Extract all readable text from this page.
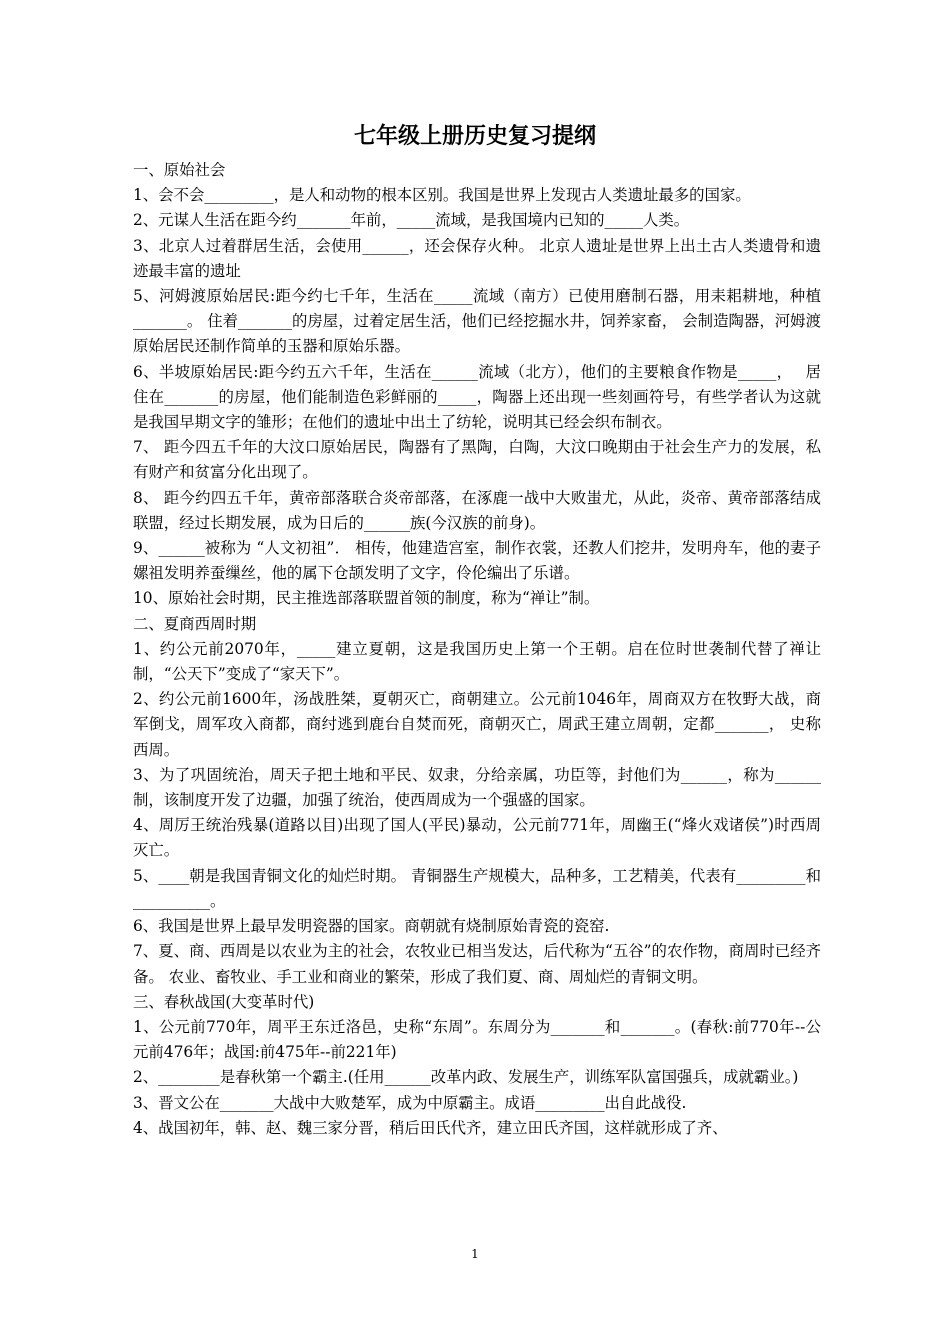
七年级上册历史复习提纲
一、原始社会
1、会不会_________，是人和动物的根本区别。我国是世界上发现古人类遗址最多的国家。
2、元谋人生活在距今约_______年前，_____流域，是我国境内已知的_____人类。
3、北京人过着群居生活，会使用______，还会保存火种。 北京人遗址是世界上出土古人类遗骨和遗迹最丰富的遗址
5、河姆渡原始居民:距今约七千年，生活在_____流域（南方）已使用磨制石器，用耒耜耕地，种植_______。 住着_______的房屋，过着定居生活，他们已经挖掘水井，饲养家畜， 会制造陶器，河姆渡原始居民还制作简单的玉器和原始乐器。
6、半坡原始居民:距今约五六千年，生活在______流域（北方），他们的主要粮食作物是_____，　 居住在_______的房屋，他们能制造色彩鲜丽的_____，陶器上还出现一些刻画符号，有些学者认为这就是我国早期文字的雏形；在他们的遗址中出土了纺轮，说明其已经会织布制衣。
7、 距今四五千年的大汶口原始居民，陶器有了黑陶，白陶，大汶口晚期由于社会生产力的发展，私有财产和贫富分化出现了。
8、 距今约四五千年，黄帝部落联合炎帝部落，在涿鹿一战中大败蚩尤，从此，炎帝、黄帝部落结成联盟，经过长期发展，成为日后的______族(今汉族的前身)。
9、______被称为 “人文初祖”． 相传，他建造宫室，制作衣裳，还教人们挖井，发明舟车，他的妻子嫘祖发明养蚕缫丝，他的属下仓颉发明了文字，伶伦编出了乐谱。
10、原始社会时期，民主推选部落联盟首领的制度，称为“禅让”制。
二、夏商西周时期
1、约公元前2070年，_____建立夏朝，这是我国历史上第一个王朝。启在位时世袭制代替了禅让制，“公天下”变成了“家天下”。
2、约公元前1600年，汤战胜桀，夏朝灭亡，商朝建立。公元前1046年，周商双方在牧野大战，商军倒戈，周军攻入商都，商纣逃到鹿台自焚而死，商朝灭亡，周武王建立周朝，定都_______， 史称西周。
3、为了巩固统治，周天子把土地和平民、奴隶，分给亲属，功臣等，封他们为______，称为______制，该制度开发了边疆，加强了统治，使西周成为一个强盛的国家。
4、周厉王统治残暴(道路以目)出现了国人(平民)暴动，公元前771年，周幽王(“烽火戏诸侯”)时西周灭亡。
5、____朝是我国青铜文化的灿烂时期。 青铜器生产规模大，品种多，工艺精美，代表有_________和__________。
6、我国是世界上最早发明瓷器的国家。商朝就有烧制原始青瓷的瓷窑.
7、夏、商、西周是以农业为主的社会，农牧业已相当发达，后代称为“五谷”的农作物，商周时已经齐备。 农业、畜牧业、手工业和商业的繁荣，形成了我们夏、商、周灿烂的青铜文明。
三、春秋战国(大变革时代)
1、公元前770年，周平王东迁洛邑，史称“东周”。东周分为_______和_______。(春秋:前770年--公元前476年；战国:前475年--前221年)
2、________是春秋第一个霸主.(任用______改革内政、发展生产，训练军队富国强兵，成就霸业。)
3、晋文公在_______大战中大败楚军，成为中原霸主。成语_________出自此战役.
4、战国初年，韩、赵、魏三家分晋，稍后田氏代齐，建立田氏齐国，这样就形成了齐、
1
